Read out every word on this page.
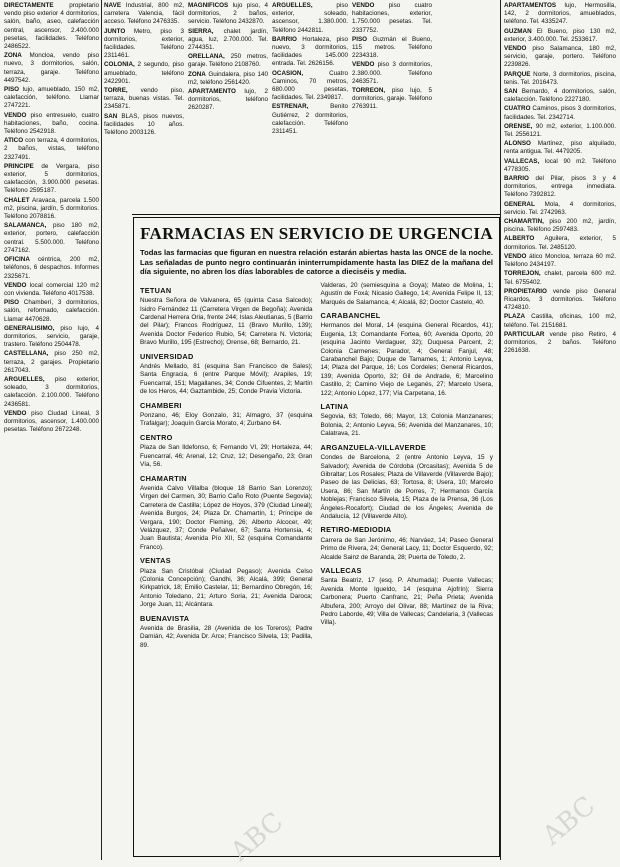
DIRECTAMENTE propietario vendo piso exterior 4 dormitorios, salón, baño, aseo, calefacción central, ascensor, 2.400.000 pesetas, facilidades. Teléfono 2486522.

ZONA Moncloa, vendo piso nuevo, 3 dormitorios, salón, terraza, garaje. Teléfono 4497542.

PISO lujo, amueblado, 150 m2, calefacción, teléfono. Llamar 2747221.

VENDO piso entresuelo, cuatro habitaciones, baño, cocina. Teléfono 2542918.

ATICO con terraza, 4 dormitorios, 2 baños, vistas, teléfono 2327491.

PRINCIPE de Vergara, piso exterior, 5 dormitorios, calefacción, 3.900.000 pesetas. Teléfono 2595187.

CHALET Aravaca, parcela 1.500 m2, piscina, jardín, 5 dormitorios. Teléfono 2078816.

SALAMANCA, piso 180 m2, exterior, portero, calefacción central. 5.500.000. Teléfono 2747162.

OFICINA céntrica, 200 m2, teléfonos, 6 despachos. Informes 2325671.

VENDO local comercial 120 m2 con vivienda. Teléfono 4017538.

PISO Chamberí, 3 dormitorios, salón, reformado, calefacción. Llamar 4470628.

GENERALISIMO, piso lujo, 4 dormitorios, servicio, garaje, trastero. Teléfono 2504478.

CASTELLANA, piso 250 m2, terraza, 2 garajes. Propietario 2617043.

ARGUELLES, piso exterior, soleado, 3 dormitorios, calefacción. 2.100.000. Teléfono 2436581.

VENDO piso Ciudad Lineal, 3 dormitorios, ascensor, 1.400.000 pesetas. Teléfono 2672248.

NAVE Industrial, 800 m2, carretera Valencia, fácil acceso. Teléfono 2476335.

JUNTO Metro, piso 3 dormitorios, exterior, facilidades. Teléfono 2311461.

COLONIA, 2 segundo, piso amueblado, teléfono 2422901.

TORRE, vendo piso, terraza, buenas vistas. Tel. 2345871.

SAN BLAS, pisos nuevos, facilidades 10 años. Teléfono 2003126.

MAGNIFICOS lujo piso, 4 dormitorios, 2 baños, servicio. Teléfono 2432870.

SIERRA, chalet jardín, agua, luz, 2.700.000. Tel. 2744351.

ORELLANA, 250 metros, garaje. Teléfono 2108760.

ZONA Guindalera, piso 140 m2, teléfono 2561420.

APARTAMENTO lujo, 2 dormitorios, teléfono 2620287.

ARGUELLES, piso exterior, soleado, ascensor, 1.380.000. Teléfono 2442811.

BARRIO Hortaleza, piso nuevo, 3 dormitorios, facilidades 145.000 entrada. Tel. 2626156.

OCASION, Cuatro Caminos, 70 metros, 680.000 pesetas, facilidades. Tel. 2349817.

ESTRENAR, Benito Gutiérrez, 2 dormitorios, calefacción. Teléfono 2311451.

VENDO piso cuatro habitaciones, exterior, 1.750.000 pesetas. Tel. 2337752.

PISO Guzmán el Bueno, 115 metros. Teléfono 2234318.

VENDO piso 3 dormitorios, 2.380.000. Teléfono 2463571.

TORREON, piso lujo, 5 dormitorios, garaje. Teléfono 2763911.

APARTAMENTOS lujo, Hermosilla, 142, 2 dormitorios, amueblados, teléfono. Tel. 4335247.

GUZMAN El Bueno, piso 130 m2, exterior, 3.400.000. Tel. 2533617.

VENDO piso Salamanca, 180 m2, servicio, garaje, portero. Teléfono 2239826.

PARQUE Norte, 3 dormitorios, piscina, tenis. Tel. 2016473.

SAN Bernardo, 4 dormitorios, salón, calefacción. Teléfono 2227180.

CUATRO Caminos, pisos 3 dormitorios, facilidades. Tel. 2342714.

ORENSE, 90 m2, exterior, 1.100.000. Tel. 2556121.

ALONSO Martínez, piso alquilado, renta antigua. Tel. 4479205.

VALLECAS, local 90 m2. Teléfono 4778305.

BARRIO del Pilar, pisos 3 y 4 dormitorios, entrega inmediata. Teléfono 7392812.

GENERAL Mola, 4 dormitorios, servicio. Tel. 2742963.

CHAMARTIN, piso 200 m2, jardín, piscina. Teléfono 2597483.

ALBERTO Aguilera, exterior, 5 dormitorios. Tel. 2485120.

VENDO ático Moncloa, terraza 60 m2. Teléfono 2434197.

TORREJON, chalet, parcela 600 m2. Tel. 6755402.

PROPIETARIO vende piso General Ricardos, 3 dormitorios. Teléfono 4724810.

PLAZA Castilla, oficinas, 100 m2, teléfono. Tel. 2151681.

PARTICULAR vende piso Retiro, 4 dormitorios, 2 baños. Teléfono 2261638.

FARMACIAS EN SERVICIO DE URGENCIA
Todas las farmacias que figuran en nuestra relación estarán abiertas hasta las ONCE de la noche. Las señaladas de punto negro continuarán ininterrumpidamente hasta las DIEZ de la mañana del día siguiente, no abren los días laborables de catorce a dieciséis y media.
TETUAN

Nuestra Señora de Valvanera, 65 (quinta Casa Salcedo); Isidro Fernández 11 (Carretera Virgen de Begoña); Avenida Cardenal Herrera Oria, frente 244; Islas Aleutianas, 5 (Barrio del Pilar); Francos Rodríguez, 11 (Bravo Murillo, 139); Avenida Doctor Federico Rubio, 54; Carretera N. Victoria; Bravo Murillo, 195 (Estrecho); Orense, 68; Bernardo, 21.

UNIVERSIDAD

Andrés Mellado, 81 (esquina San Francisco de Sales); Santa Engracia, 6 (entre Parque Móvil); Arapiles, 19; Fuencarral, 151; Magallanes, 34; Conde Cifuentes, 2; Martín de los Heros, 44; Gaztambide, 25; Conde Pravia Victoria.

CHAMBERI

Ponzano, 46; Eloy Gonzalo, 31; Almagro, 37 (esquina Trafalgar); Joaquín García Morato, 4; Zurbano 64.

CENTRO

Plaza de San Ildefonso, 6; Fernando VI, 29; Hortaleza, 44; Fuencarral, 46; Arenal, 12; Cruz, 12; Desengaño, 23; Gran Vía, 56.

CHAMARTIN

Avenida Calvo Villalba (bloque 18 Barrio San Lorenzo); Virgen del Carmen, 30; Barrio Caño Roto (Puente Segovia); Carretera de Castilla; López de Hoyos, 379 (Ciudad Lineal); Avenida Burgos, 24; Plaza Dr. Chamartín, 1; Príncipe de Vergara, 190; Doctor Fleming, 26; Alberto Alcocer, 49; Velázquez, 37; Conde Peñalver, 67; Santa Hortensia, 4; Juan Bautista; Avenida Pío XII, 52 (esquina Comandante Franco).

VENTAS

Plaza San Cristóbal (Ciudad Pegaso); Avenida Celso (Colonia Concepción); Gandhi, 36; Alcalá, 399; General Kirkpatrick, 18; Emilio Castelar, 11; Bernardino Obregón, 16; Antonio Toledano, 21; Arturo Soria, 21; Avenida Daroca; Jorge Juan, 11; Alcántara.

BUENAVISTA

Avenida de Brasilia, 28 (Avenida de los Toreros); Padre Damián, 42; Avenida Dr. Arce; Francisco Silvela, 13; Padilla, 89.

Valderas, 20 (semiesquina a Goya); Mateo de Molina, 1; Agustín de Foxá; Nicasio Gallego, 14; Avenida Felipe II, 13; Marqués de Salamanca, 4; Alcalá, 82; Doctor Castelo, 40.

CARABANCHEL

Hermanos del Moral, 14 (esquina General Ricardos, 41); Eugenia, 13; Comandante Fortea, 60; Avenida Oporto, 20 (esquina Jacinto Verdaguer, 32); Duquesa Parcent, 2; Colonia Carmenes; Parador, 4; General Fanjul, 48; Carabanchel Bajo; Duque de Tamames, 1; Antonio Leyva, 14; Plaza del Parque, 16; Los Cordeles; General Ricardos, 139; Avenida Oporto, 32; Gil de Andrade, 6; Marcelino Castillo, 2; Camino Viejo de Leganés, 27; Marcelo Usera, 122; Antonio López, 177; Vía Carpetana, 16.

LATINA

Segovia, 63; Toledo, 66; Mayor, 13; Colonia Manzanares; Bolonia, 2; Antonio Leyva, 56; Avenida del Manzanares, 10; Calatrava, 21.

ARGANZUELA-VILLAVERDE

Condes de Barcelona, 2 (entre Antonio Leyva, 15 y Salvador); Avenida de Córdoba (Orcasitas); Avenida 5 de Gibraltar; Los Rosales; Plaza de Villaverde (Villaverde Bajo); Paseo de las Delicias, 63; Tortosa, 8; Usera, 10; Marcelo Usera, 86; San Martín de Porres, 7; Hermanos García Noblejas; Francisco Silvela, 15; Plaza de la Prensa, 36 (Los Ángeles-Rocafort); Ciudad de los Ángeles; Avenida de Andalucía, 12 (Villaverde Alto).

RETIRO-MEDIODIA

Carrera de San Jerónimo, 46; Narváez, 14; Paseo General Primo de Rivera, 24; General Lacy, 11; Doctor Esquerdo, 92; Alcalde Sainz de Baranda, 28; Puerta de Toledo, 2.

VALLECAS

Santa Beatriz, 17 (esq. P. Ahumada); Puente Vallecas; Avenida Monte Igueldo, 14 (esquina Ajofrín); Sierra Carbonera; Puerto Canfranc, 21; Peña Prieta; Avenida Albufera, 200; Arroyo del Olivar, 88; Martínez de la Riva; Pedro Laborde, 49; Villa de Vallecas; Candelaria, 3 (Vallecas Villa).

ABC	ABC
